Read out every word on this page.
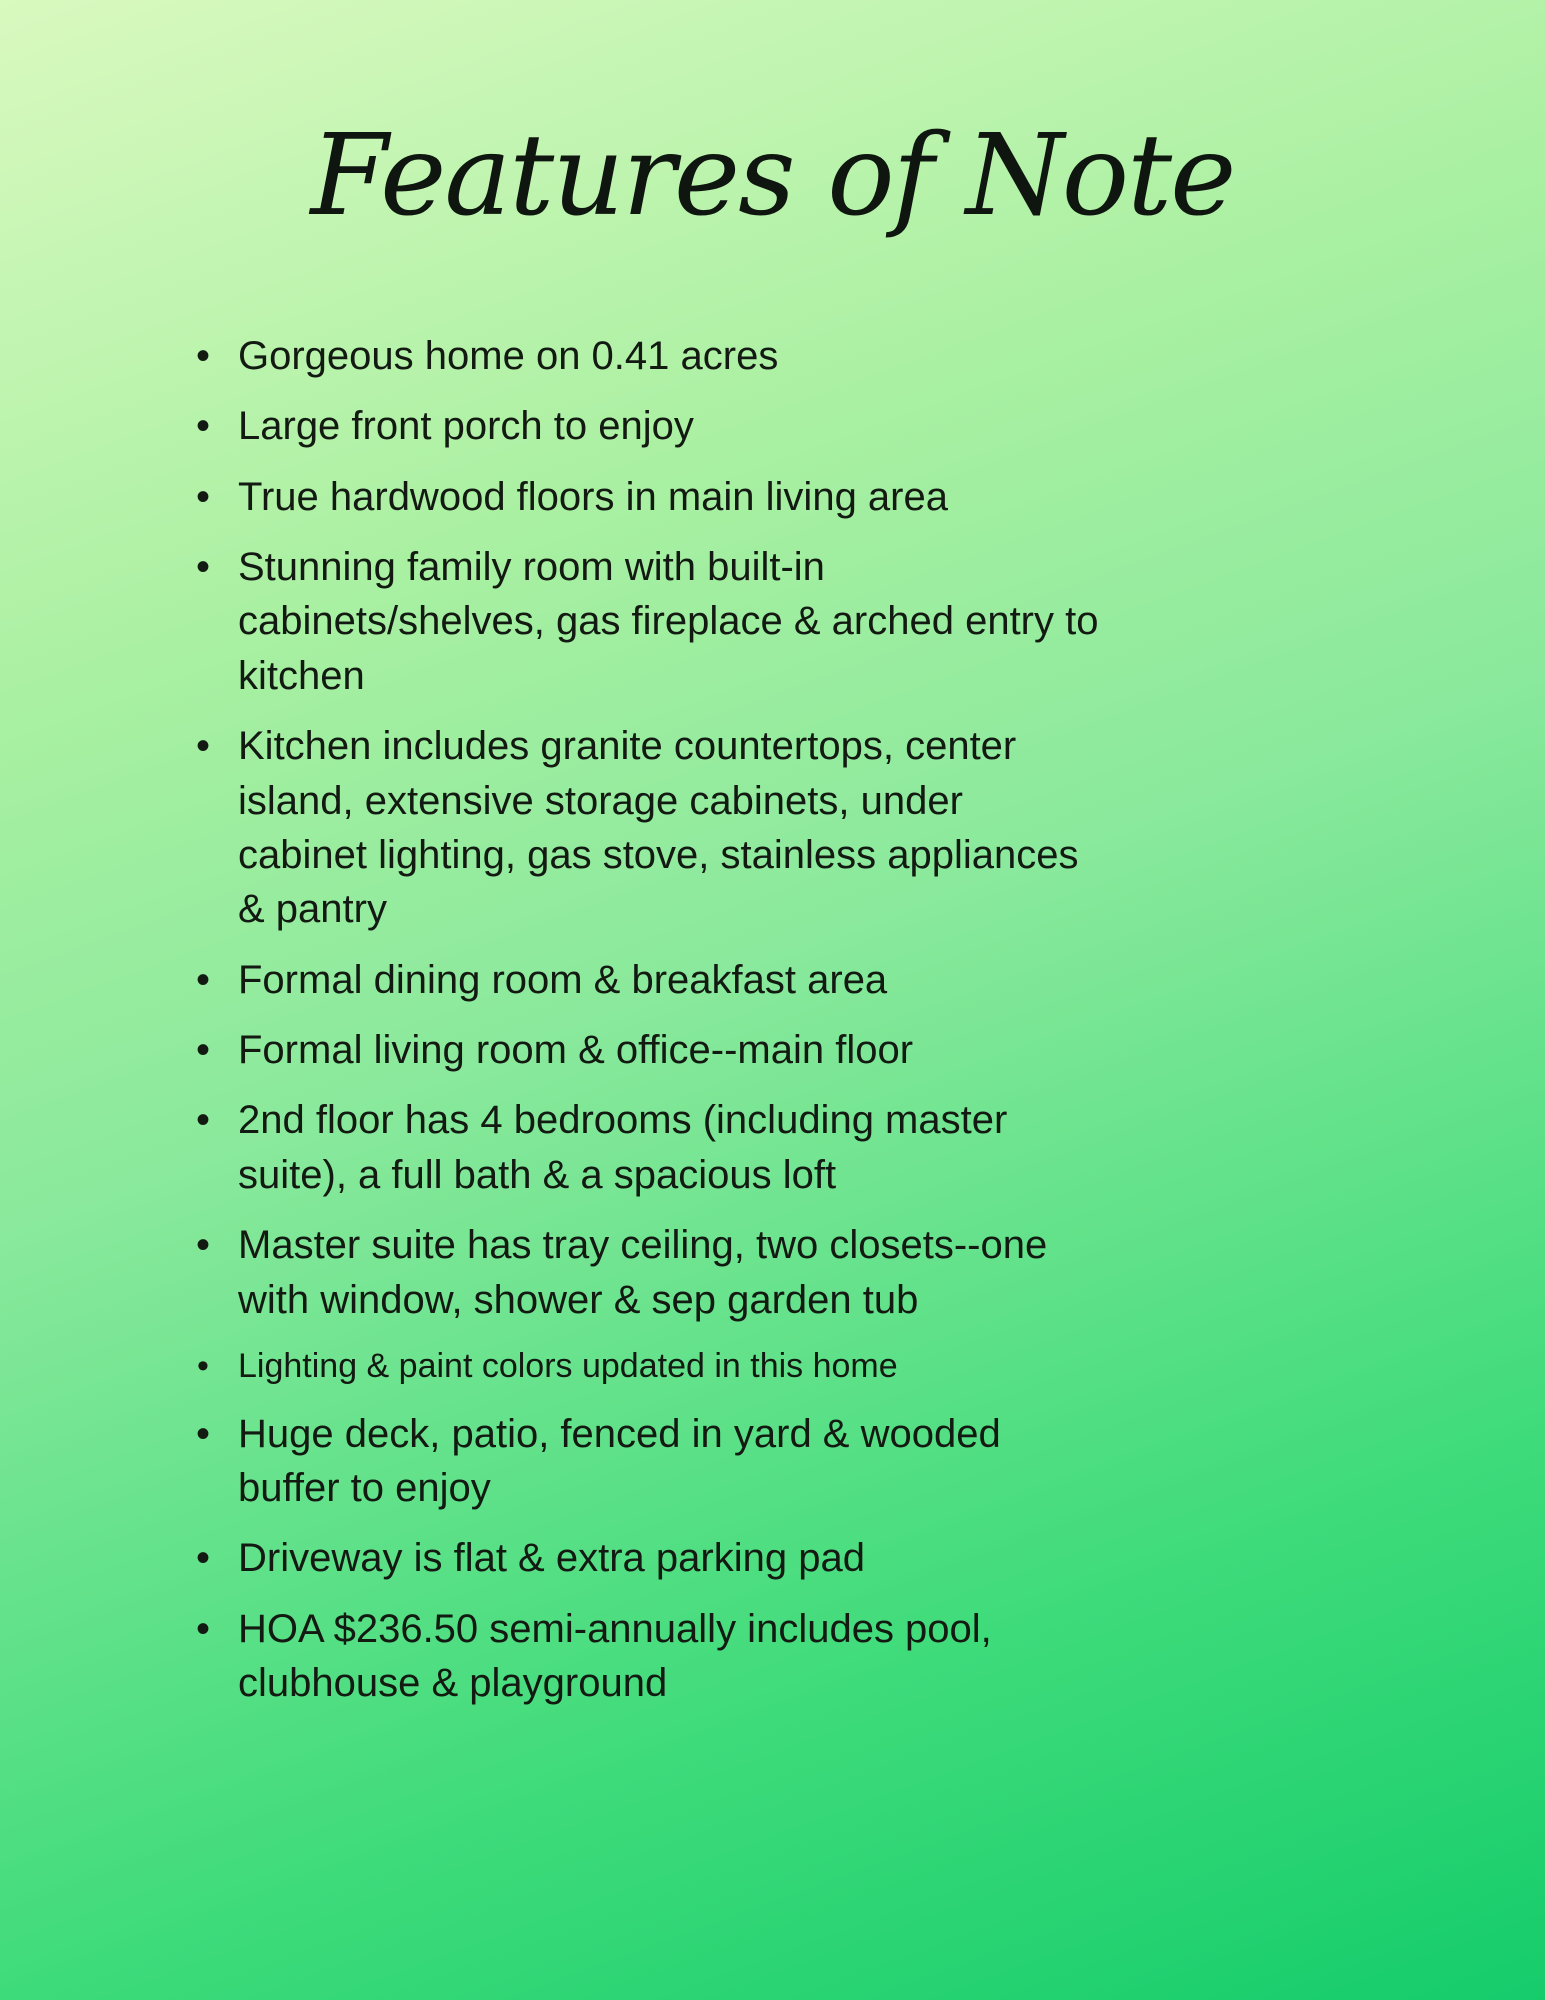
Features of Note
• Gorgeous home on 0.41 acres
• Large front porch to enjoy
• True hardwood floors in main living area
• Stunning family room with built-in cabinets/shelves, gas fireplace & arched entry to kitchen
• Kitchen includes granite countertops, center island, extensive storage cabinets, under cabinet lighting, gas stove, stainless appliances & pantry
• Formal dining room & breakfast area
• Formal living room & office--main floor
• 2nd floor has 4 bedrooms (including master suite), a full bath & a spacious loft
• Master suite has tray ceiling, two closets--one with window, shower & sep garden tub
• Lighting & paint colors updated in this home
• Huge deck, patio, fenced in yard & wooded buffer to enjoy
• Driveway is flat & extra parking pad
• HOA $236.50 semi-annually includes pool, clubhouse & playground
